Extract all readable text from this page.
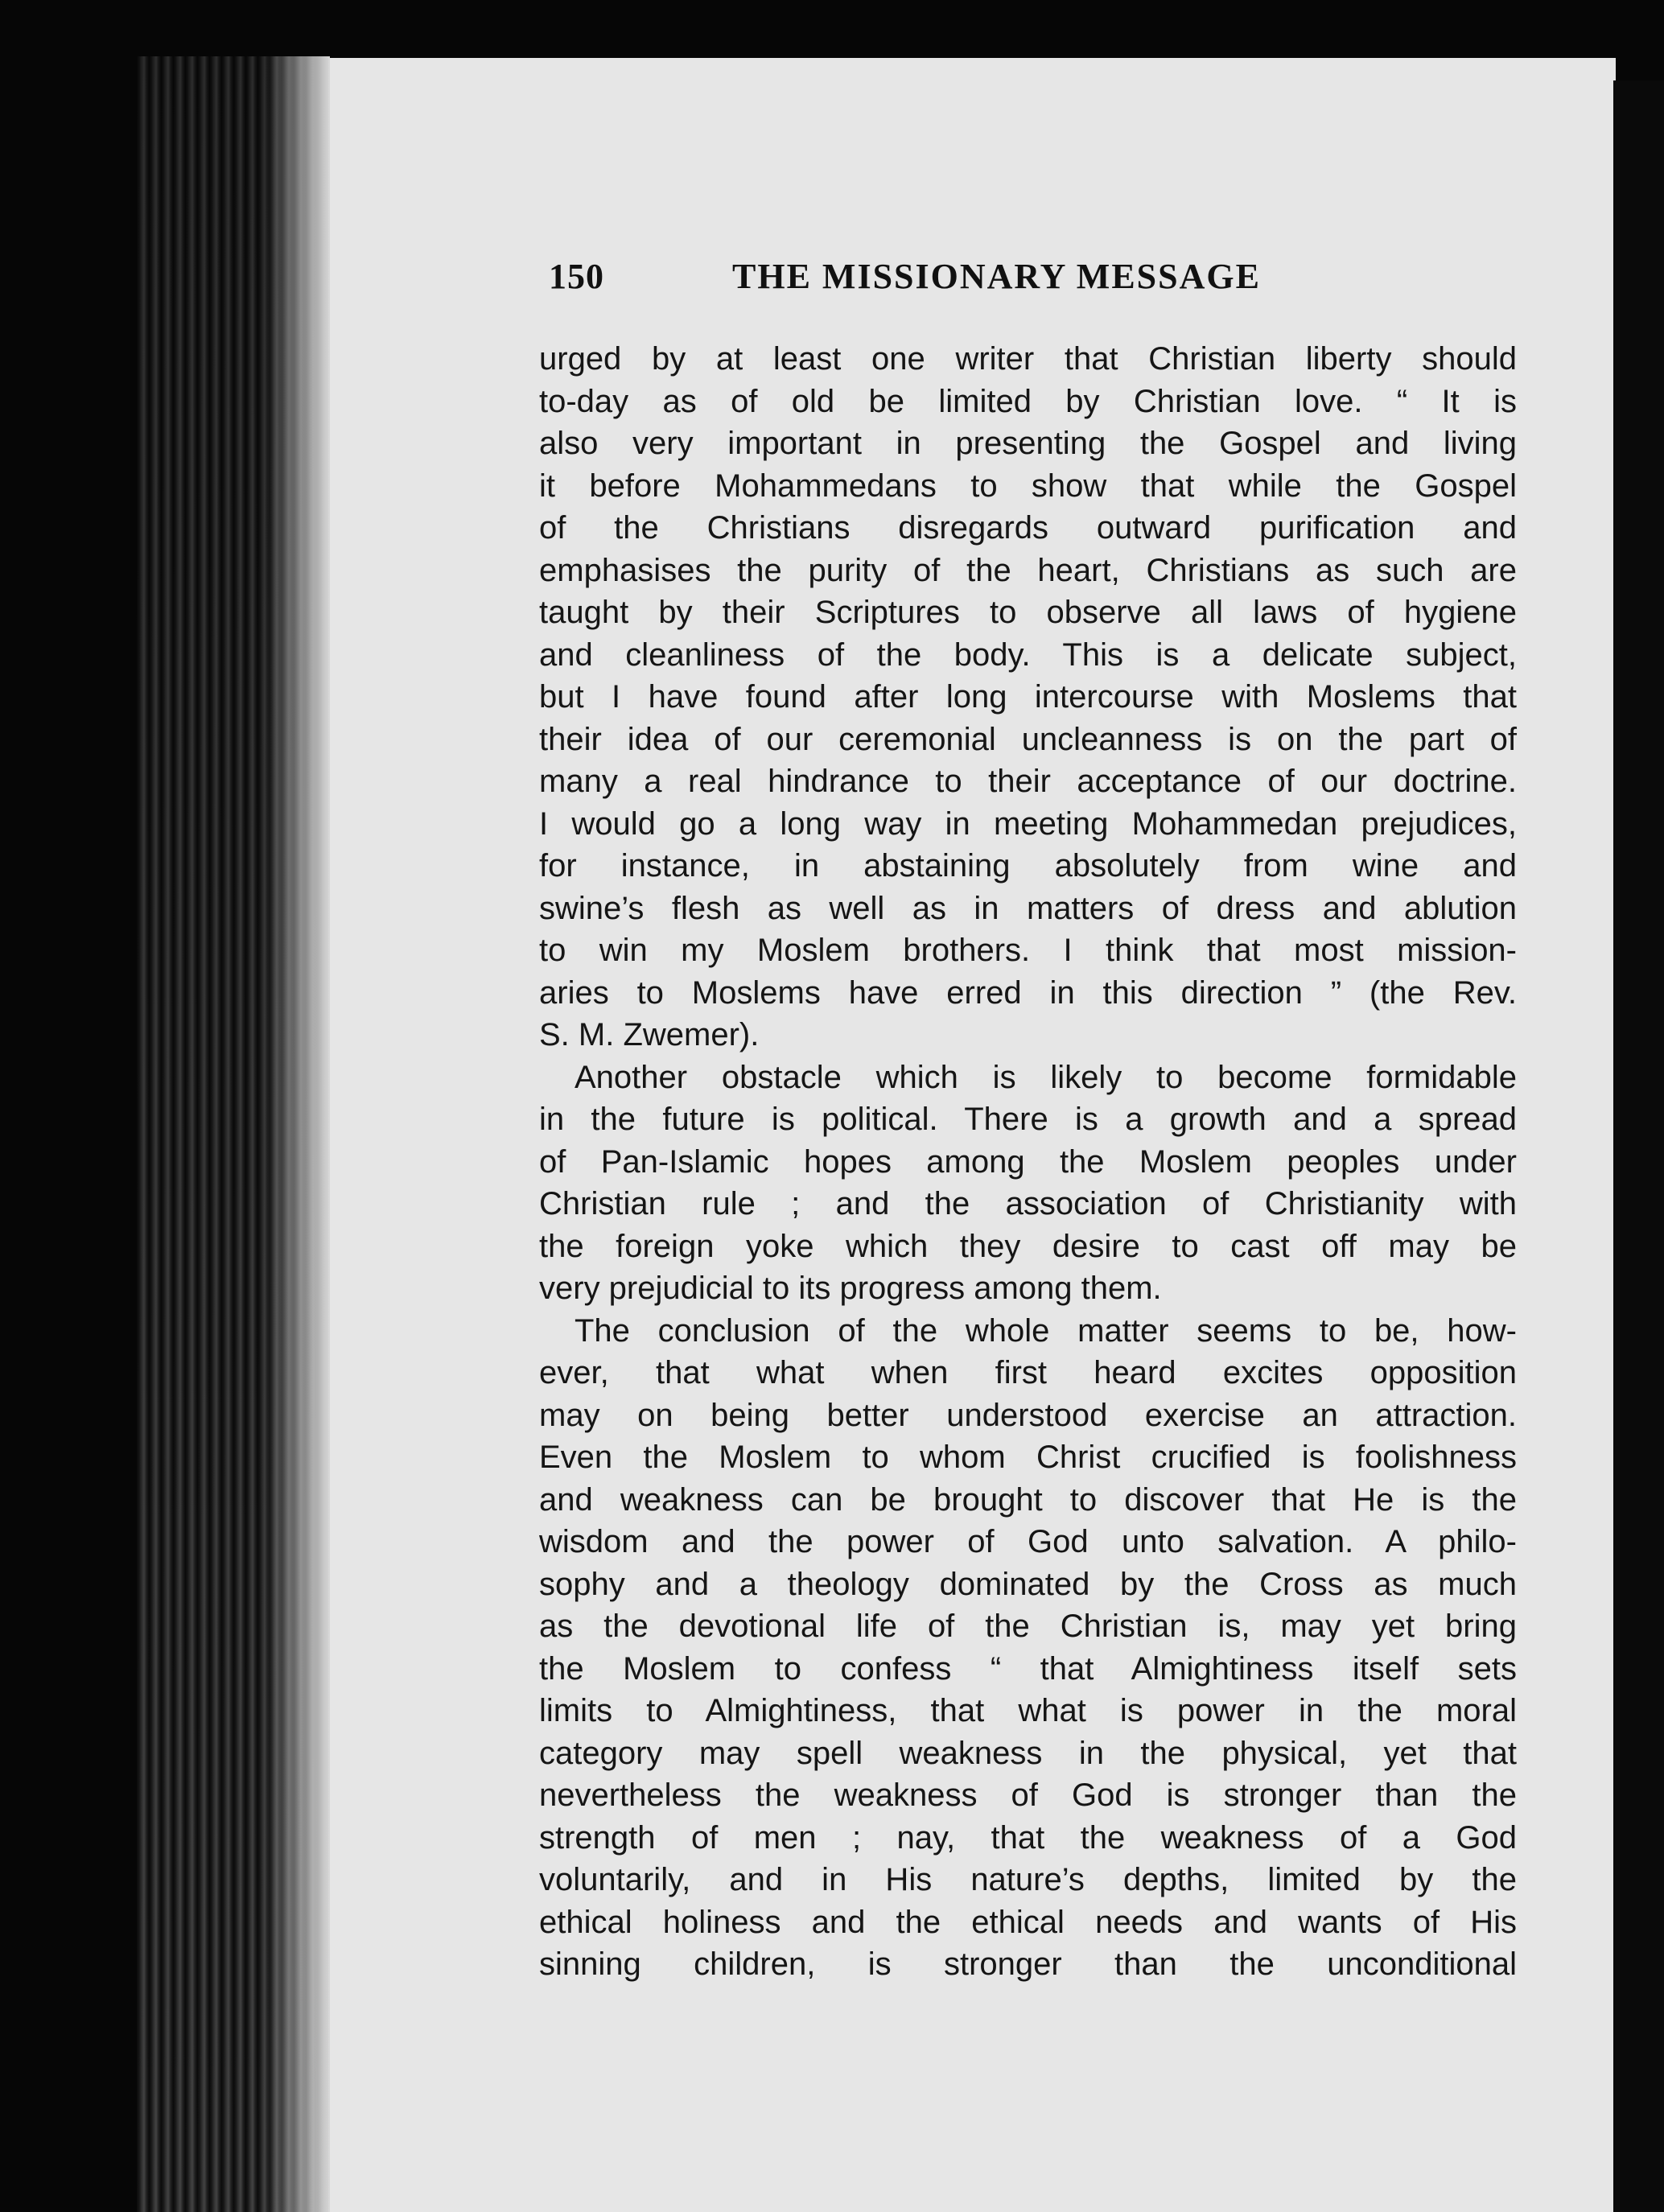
150	THE MISSIONARY MESSAGE
urged by at least one writer that Christian liberty should
to-day as of old be limited by Christian love. “ It is
also very important in presenting the Gospel and living
it before Mohammedans to show that while the Gospel
of the Christians disregards outward purification and
emphasises the purity of the heart, Christians as such are
taught by their Scriptures to observe all laws of hygiene
and cleanliness of the body. This is a delicate subject,
but I have found after long intercourse with Moslems that
their idea of our ceremonial uncleanness is on the part of
many a real hindrance to their acceptance of our doctrine.
I would go a long way in meeting Mohammedan prejudices,
for instance, in abstaining absolutely from wine and
swine’s flesh as well as in matters of dress and ablution
to win my Moslem brothers. I think that most mission-
aries to Moslems have erred in this direction ” (the Rev.
S. M. Zwemer).
Another obstacle which is likely to become formidable
in the future is political. There is a growth and a spread
of Pan-Islamic hopes among the Moslem peoples under
Christian rule ; and the association of Christianity with
the foreign yoke which they desire to cast off may be
very prejudicial to its progress among them.
The conclusion of the whole matter seems to be, how-
ever, that what when first heard excites opposition
may on being better understood exercise an attraction.
Even the Moslem to whom Christ crucified is foolishness
and weakness can be brought to discover that He is the
wisdom and the power of God unto salvation. A philo-
sophy and a theology dominated by the Cross as much
as the devotional life of the Christian is, may yet bring
the Moslem to confess “ that Almightiness itself sets
limits to Almightiness, that what is power in the moral
category may spell weakness in the physical, yet that
nevertheless the weakness of God is stronger than the
strength of men ; nay, that the weakness of a God
voluntarily, and in His nature’s depths, limited by the
ethical holiness and the ethical needs and wants of His
sinning children, is stronger than the unconditional
